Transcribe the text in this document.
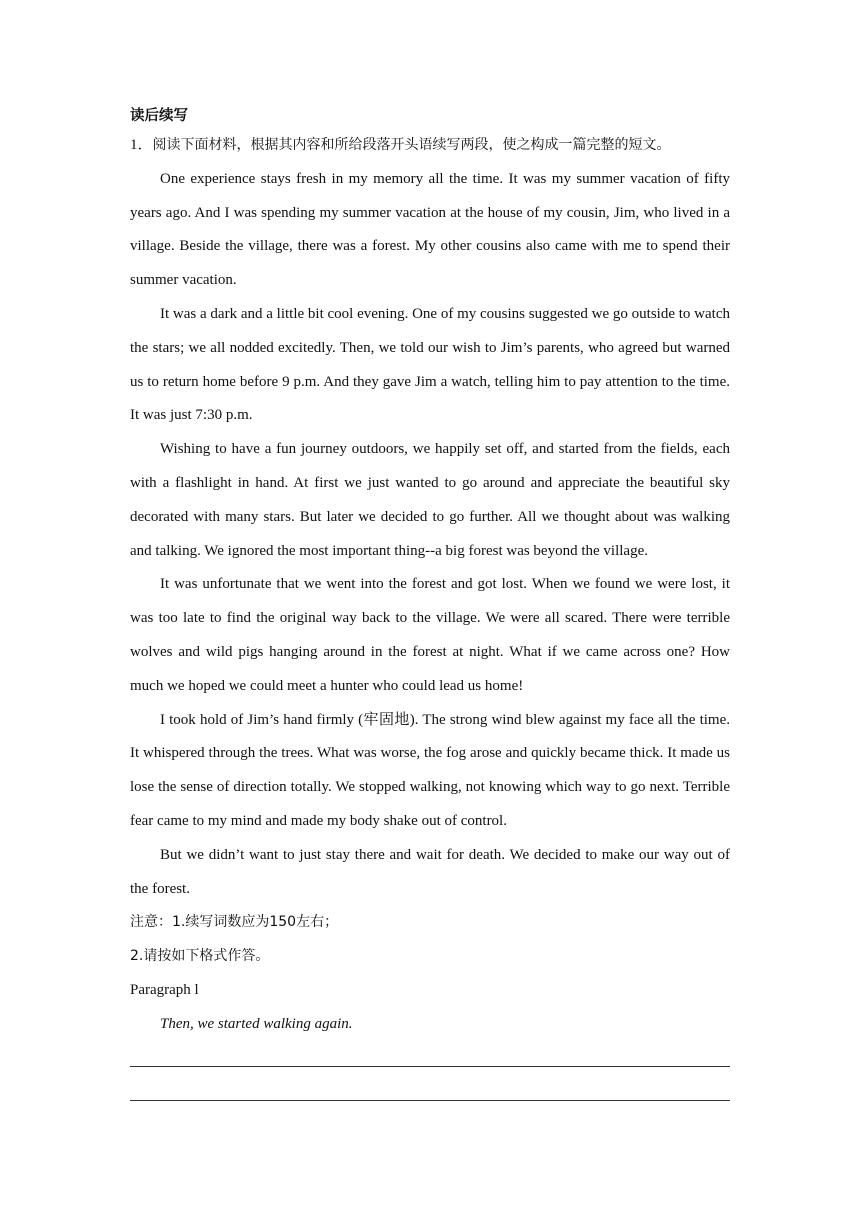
读后续写
1．阅读下面材料，根据其内容和所给段落开头语续写两段，使之构成一篇完整的短文。
One experience stays fresh in my memory all the time. It was my summer vacation of fifty years ago. And I was spending my summer vacation at the house of my cousin, Jim, who lived in a village. Beside the village, there was a forest. My other cousins also came with me to spend their summer vacation.
It was a dark and a little bit cool evening. One of my cousins suggested we go outside to watch the stars; we all nodded excitedly. Then, we told our wish to Jim’s parents, who agreed but warned us to return home before 9 p.m. And they gave Jim a watch, telling him to pay attention to the time. It was just 7:30 p.m.
Wishing to have a fun journey outdoors, we happily set off, and started from the fields, each with a flashlight in hand. At first we just wanted to go around and appreciate the beautiful sky decorated with many stars. But later we decided to go further. All we thought about was walking and talking. We ignored the most important thing--a big forest was beyond the village.
It was unfortunate that we went into the forest and got lost. When we found we were lost, it was too late to find the original way back to the village. We were all scared. There were terrible wolves and wild pigs hanging around in the forest at night. What if we came across one? How much we hoped we could meet a hunter who could lead us home!
I took hold of Jim’s hand firmly (牢固地). The strong wind blew against my face all the time. It whispered through the trees. What was worse, the fog arose and quickly became thick. It made us lose the sense of direction totally. We stopped walking, not knowing which way to go next. Terrible fear came to my mind and made my body shake out of control.
But we didn’t want to just stay there and wait for death. We decided to make our way out of the forest.
注意：1.续写词数应为150左右；
2.请按如下格式作答。
Paragraph l
Then, we started walking again.
